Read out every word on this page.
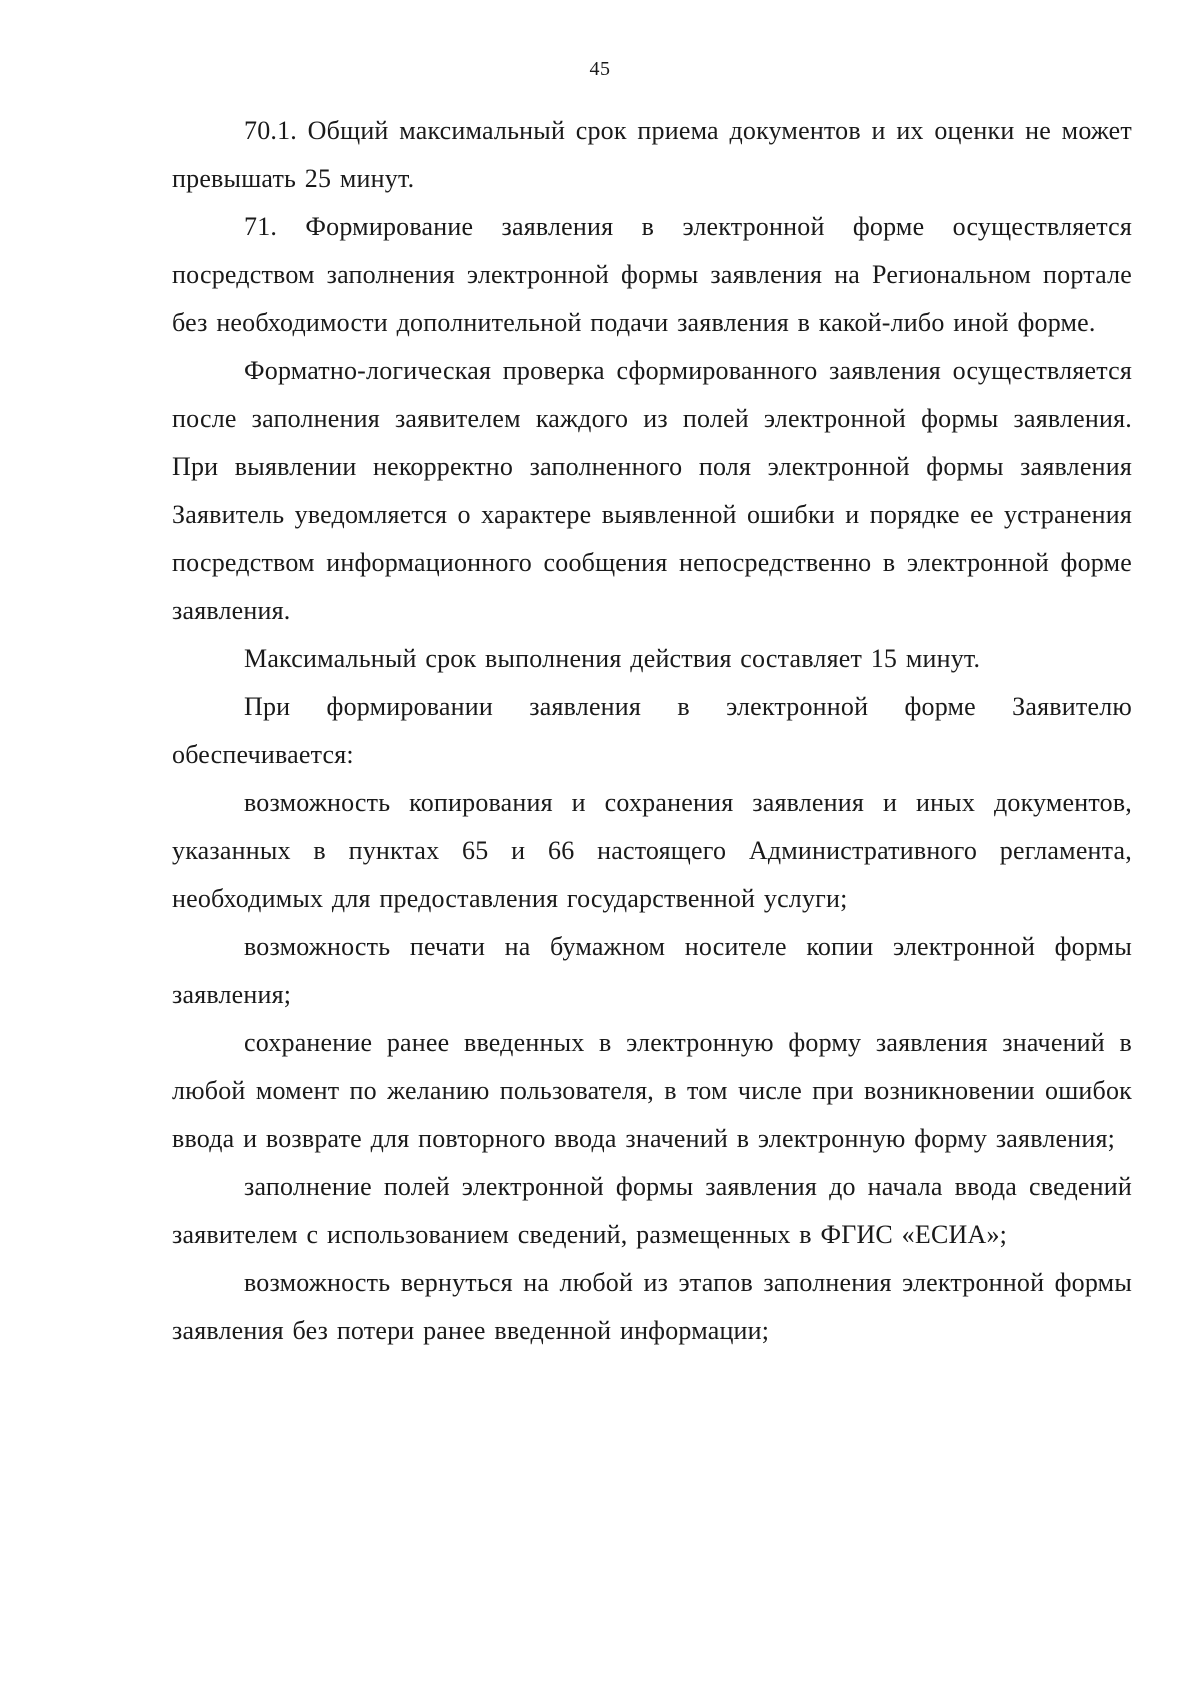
45

70.1. Общий максимальный срок приема документов и их оценки не может превышать 25 минут.

71. Формирование заявления в электронной форме осуществляется посредством заполнения электронной формы заявления на Региональном портале без необходимости дополнительной подачи заявления в какой-либо иной форме.

Форматно-логическая проверка сформированного заявления осуществляется после заполнения заявителем каждого из полей электронной формы заявления. При выявлении некорректно заполненного поля электронной формы заявления Заявитель уведомляется о характере выявленной ошибки и порядке ее устранения посредством информационного сообщения непосредственно в электронной форме заявления.

Максимальный срок выполнения действия составляет 15 минут.

При формировании заявления в электронной форме Заявителю обеспечивается:

возможность копирования и сохранения заявления и иных документов, указанных в пунктах 65 и 66 настоящего Административного регламента, необходимых для предоставления государственной услуги;

возможность печати на бумажном носителе копии электронной формы заявления;

сохранение ранее введенных в электронную форму заявления значений в любой момент по желанию пользователя, в том числе при возникновении ошибок ввода и возврате для повторного ввода значений в электронную форму заявления;

заполнение полей электронной формы заявления до начала ввода сведений заявителем с использованием сведений, размещенных в ФГИС «ЕСИА»;

возможность вернуться на любой из этапов заполнения электронной формы заявления без потери ранее введенной информации;
